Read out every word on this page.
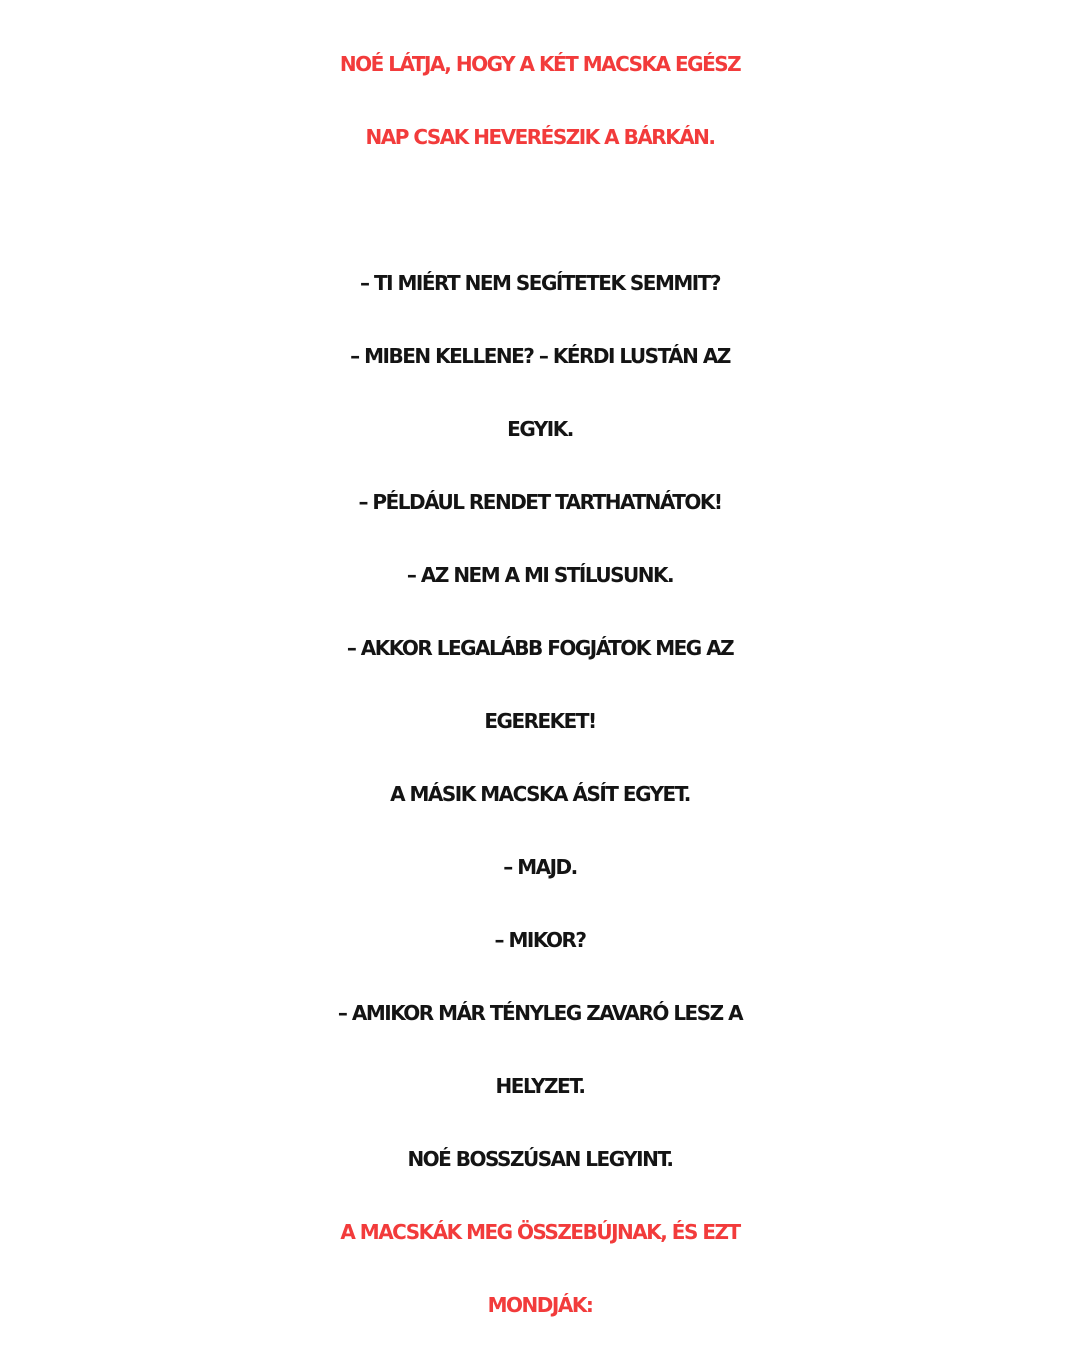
NOÉ LÁTJA, HOGY A KÉT MACSKA EGÉSZ
NAP CSAK HEVERÉSZIK A BÁRKÁN.
– TI MIÉRT NEM SEGÍTETEK SEMMIT?
– MIBEN KELLENE? – KÉRDI LUSTÁN AZ
EGYIK.
– PÉLDÁUL RENDET TARTHATNÁTOK!
– AZ NEM A MI STÍLUSUNK.
– AKKOR LEGALÁBB FOGJÁTOK MEG AZ
EGEREKET!
A MÁSIK MACSKA ÁSÍT EGYET.
– MAJD.
– MIKOR?
– AMIKOR MÁR TÉNYLEG ZAVARÓ LESZ A
HELYZET.
NOÉ BOSSZÚSAN LEGYINT.
A MACSKÁK MEG ÖSSZEBÚJNAK, ÉS EZT
MONDJÁK:
